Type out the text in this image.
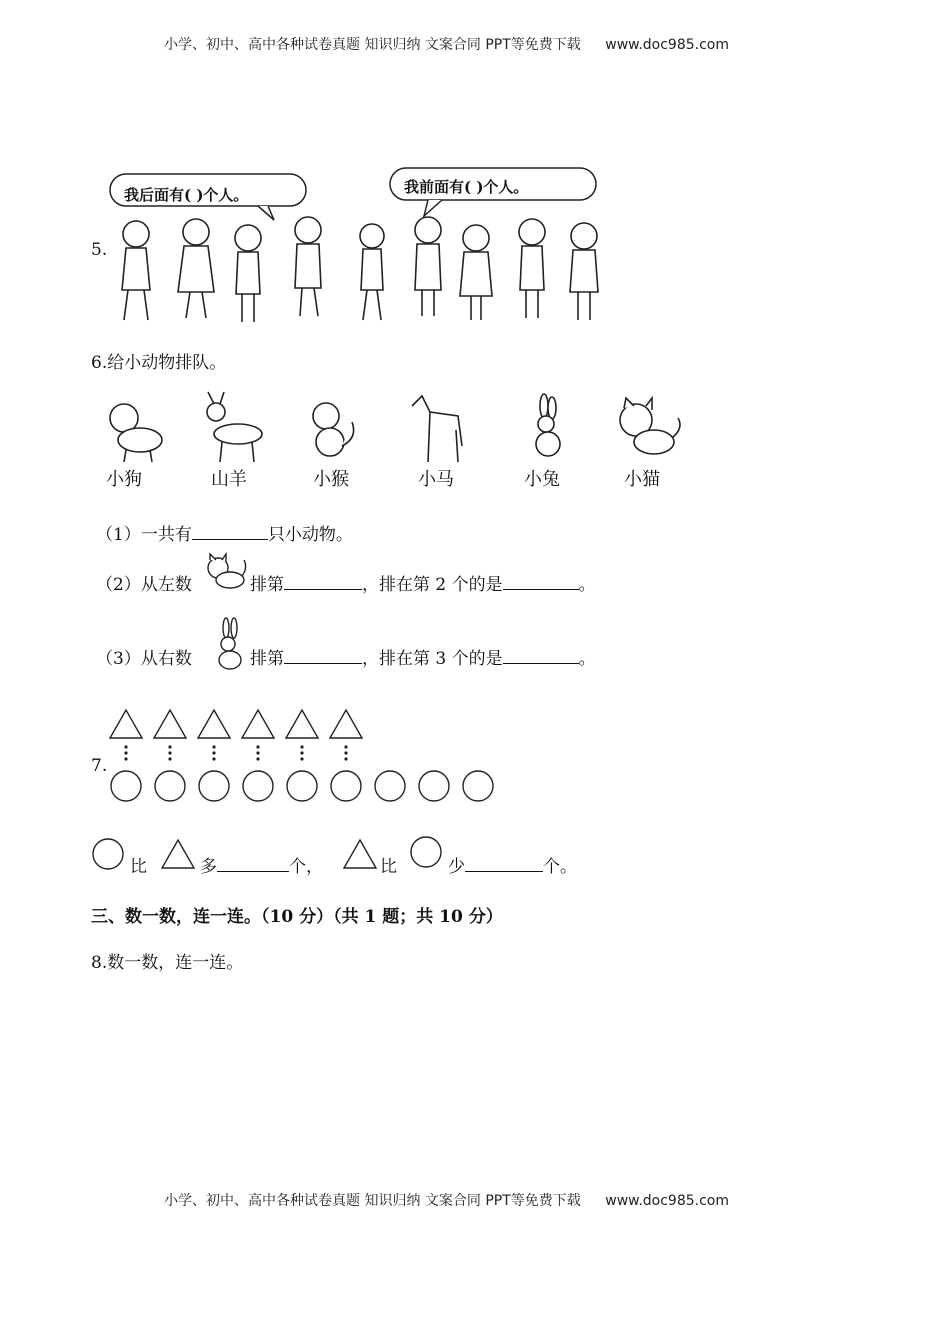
小学、初中、高中各种试卷真题 知识归纳 文案合同 PPT等免费下载 www.doc985.com
5.
我后面有( )个人。	我前面有( )个人。
6.给小动物排队。
小狗	山羊	小猴	小马	小兔	小猫
（1）一共有	只小动物。
（2）从左数	排第	，排在第 2 个的是	。
（3）从右数	排第	，排在第 3 个的是	。
7.
比	多	个，	比	少	个。
三、数一数，连一连。（10 分）（共 1 题；共 10 分）
8.数一数，连一连。
小学、初中、高中各种试卷真题 知识归纳 文案合同 PPT等免费下载 www.doc985.com
